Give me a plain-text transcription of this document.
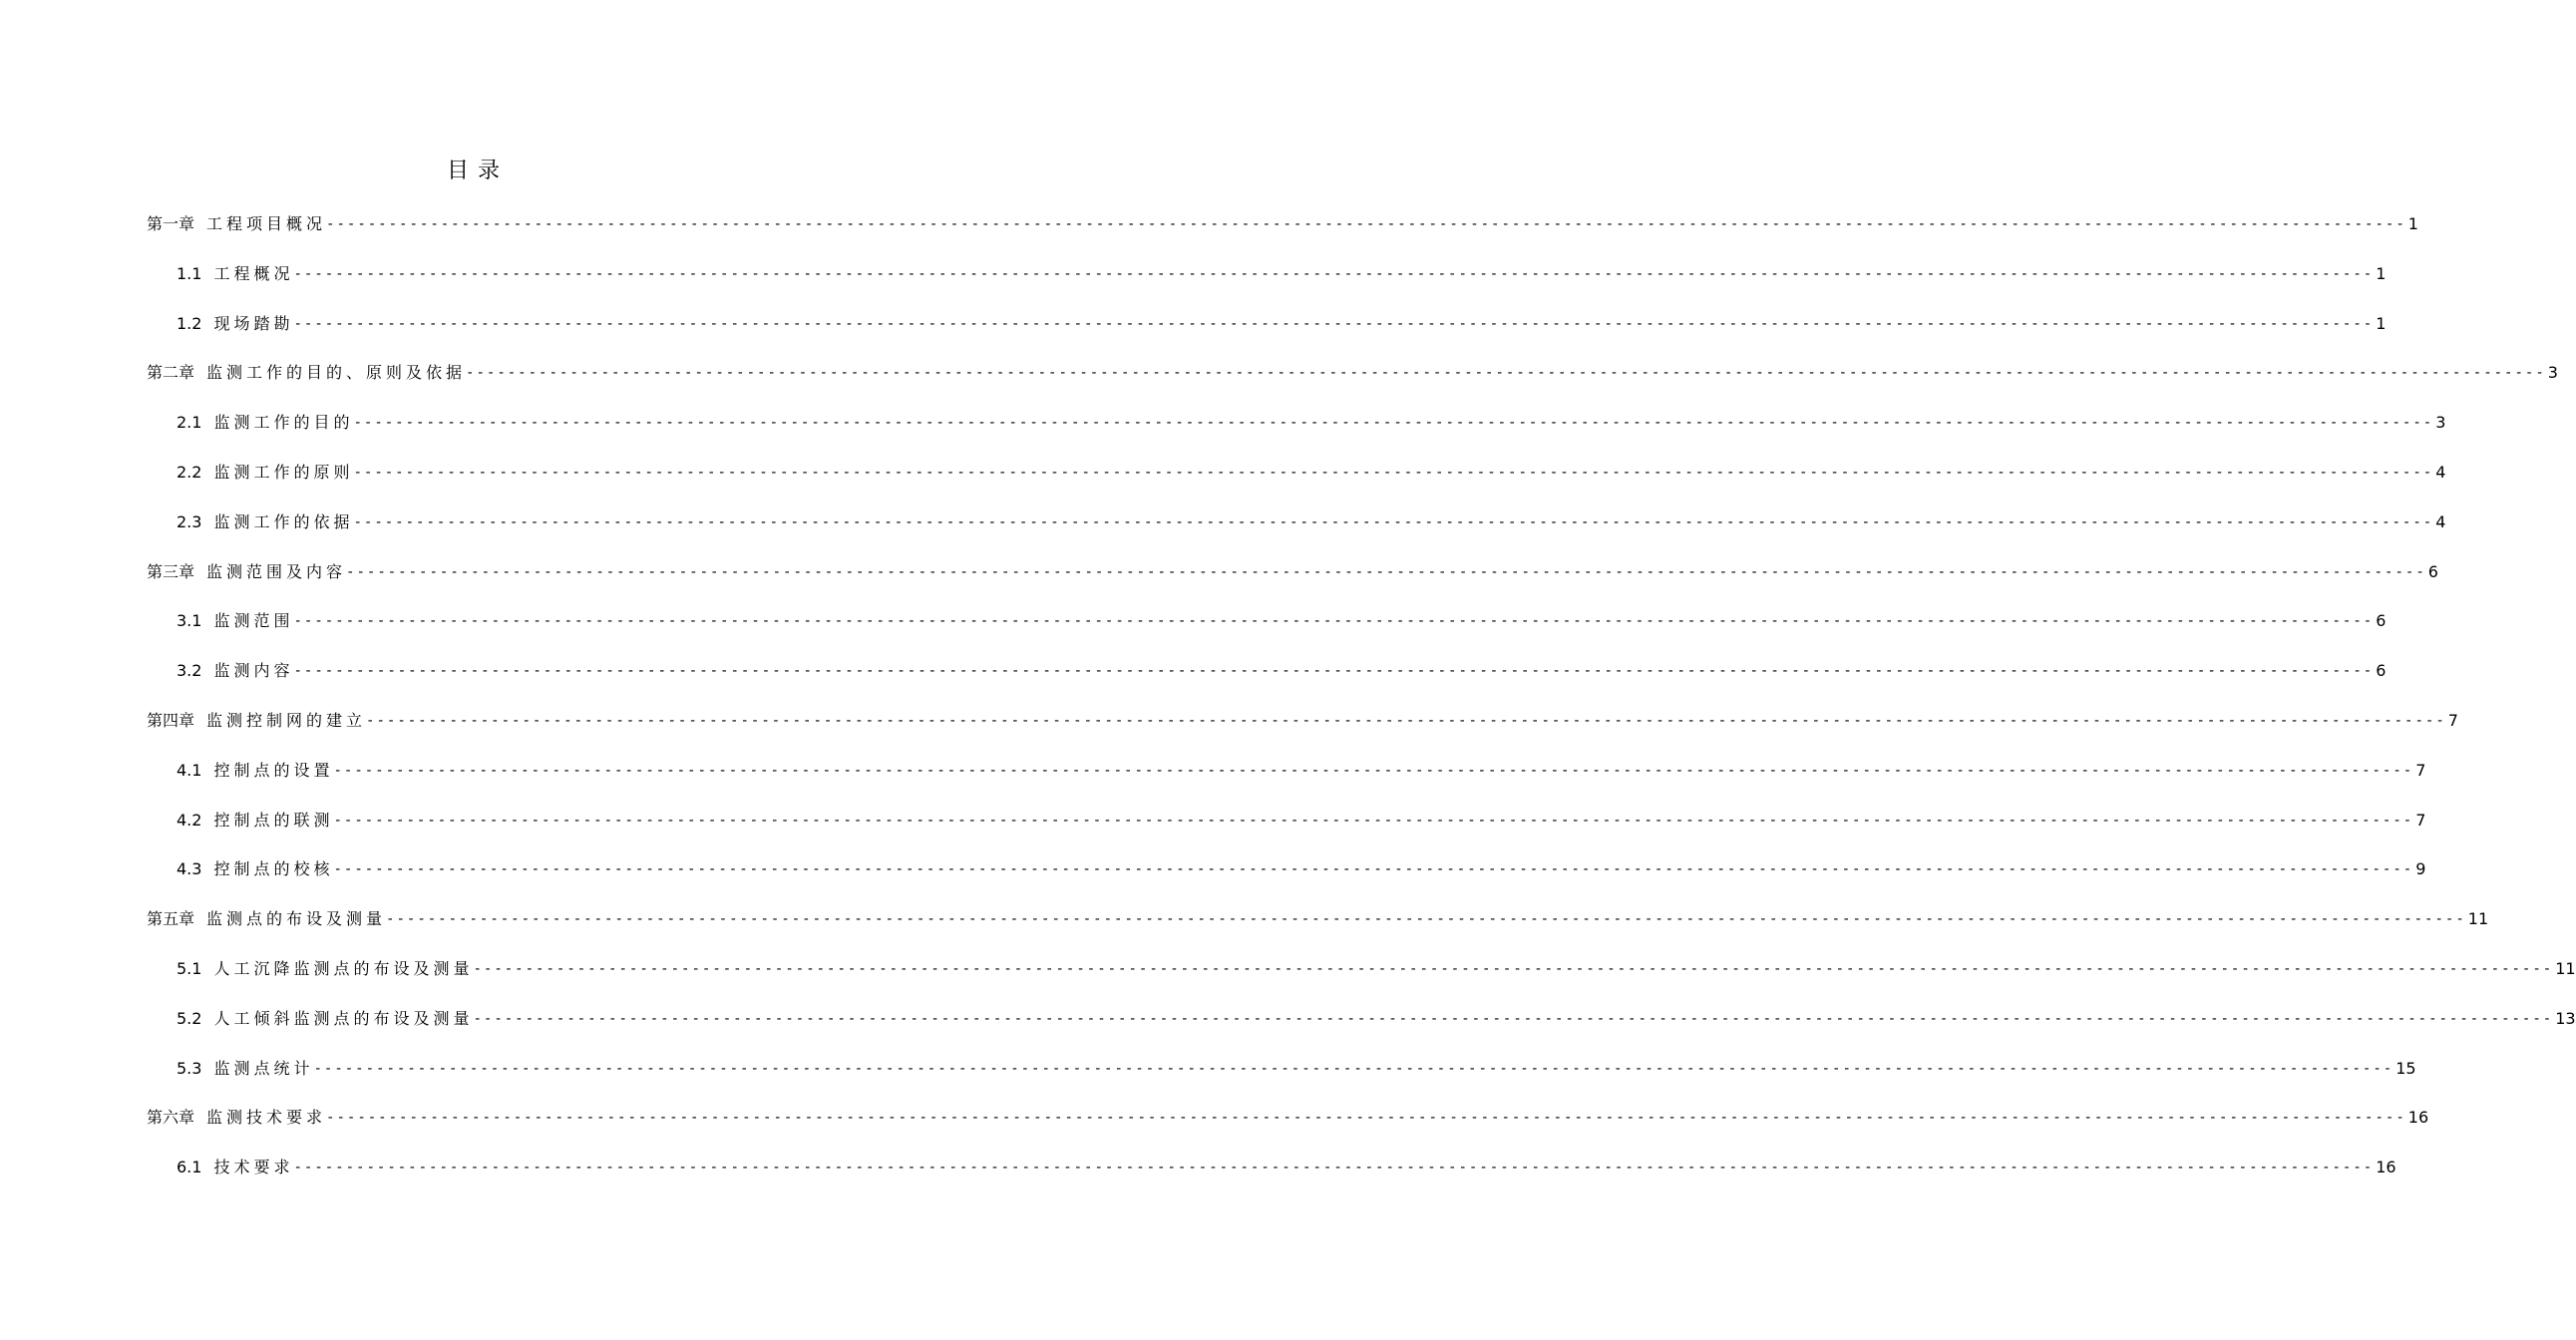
目 录
第一章 工程项目概况 -------------------------------------------------------------------------------------------------------------------------------------------------------------------------------------------------------- 1
1.1 工程概况 -------------------------------------------------------------------------------------------------------------------------------------------------------------------------------------------------------- 1
1.2 现场踏勘 -------------------------------------------------------------------------------------------------------------------------------------------------------------------------------------------------------- 1
第二章 监测工作的目的、原则及依据 -------------------------------------------------------------------------------------------------------------------------------------------------------------------------------------------------------- 3
2.1 监测工作的目的 -------------------------------------------------------------------------------------------------------------------------------------------------------------------------------------------------------- 3
2.2 监测工作的原则 -------------------------------------------------------------------------------------------------------------------------------------------------------------------------------------------------------- 4
2.3 监测工作的依据 -------------------------------------------------------------------------------------------------------------------------------------------------------------------------------------------------------- 4
第三章 监测范围及内容 -------------------------------------------------------------------------------------------------------------------------------------------------------------------------------------------------------- 6
3.1 监测范围 -------------------------------------------------------------------------------------------------------------------------------------------------------------------------------------------------------- 6
3.2 监测内容 -------------------------------------------------------------------------------------------------------------------------------------------------------------------------------------------------------- 6
第四章 监测控制网的建立 -------------------------------------------------------------------------------------------------------------------------------------------------------------------------------------------------------- 7
4.1 控制点的设置 -------------------------------------------------------------------------------------------------------------------------------------------------------------------------------------------------------- 7
4.2 控制点的联测 -------------------------------------------------------------------------------------------------------------------------------------------------------------------------------------------------------- 7
4.3 控制点的校核 -------------------------------------------------------------------------------------------------------------------------------------------------------------------------------------------------------- 9
第五章 监测点的布设及测量 -------------------------------------------------------------------------------------------------------------------------------------------------------------------------------------------------------- 11
5.1 人工沉降监测点的布设及测量 -------------------------------------------------------------------------------------------------------------------------------------------------------------------------------------------------------- 11
5.2 人工倾斜监测点的布设及测量 -------------------------------------------------------------------------------------------------------------------------------------------------------------------------------------------------------- 13
5.3 监测点统计 -------------------------------------------------------------------------------------------------------------------------------------------------------------------------------------------------------- 15
第六章 监测技术要求 -------------------------------------------------------------------------------------------------------------------------------------------------------------------------------------------------------- 16
6.1 技术要求 -------------------------------------------------------------------------------------------------------------------------------------------------------------------------------------------------------- 16
